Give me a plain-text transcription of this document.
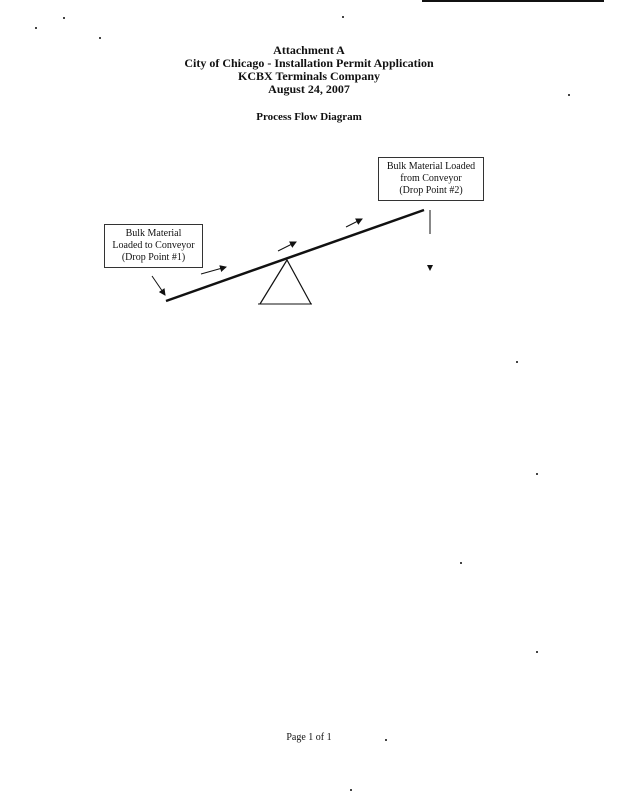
Attachment A
City of Chicago - Installation Permit Application
KCBX Terminals Company
August 24, 2007
Process Flow Diagram
Bulk Material
Loaded to Conveyor
(Drop Point #1)
Bulk Material Loaded
from Conveyor
(Drop Point #2)
Page 1 of 1
